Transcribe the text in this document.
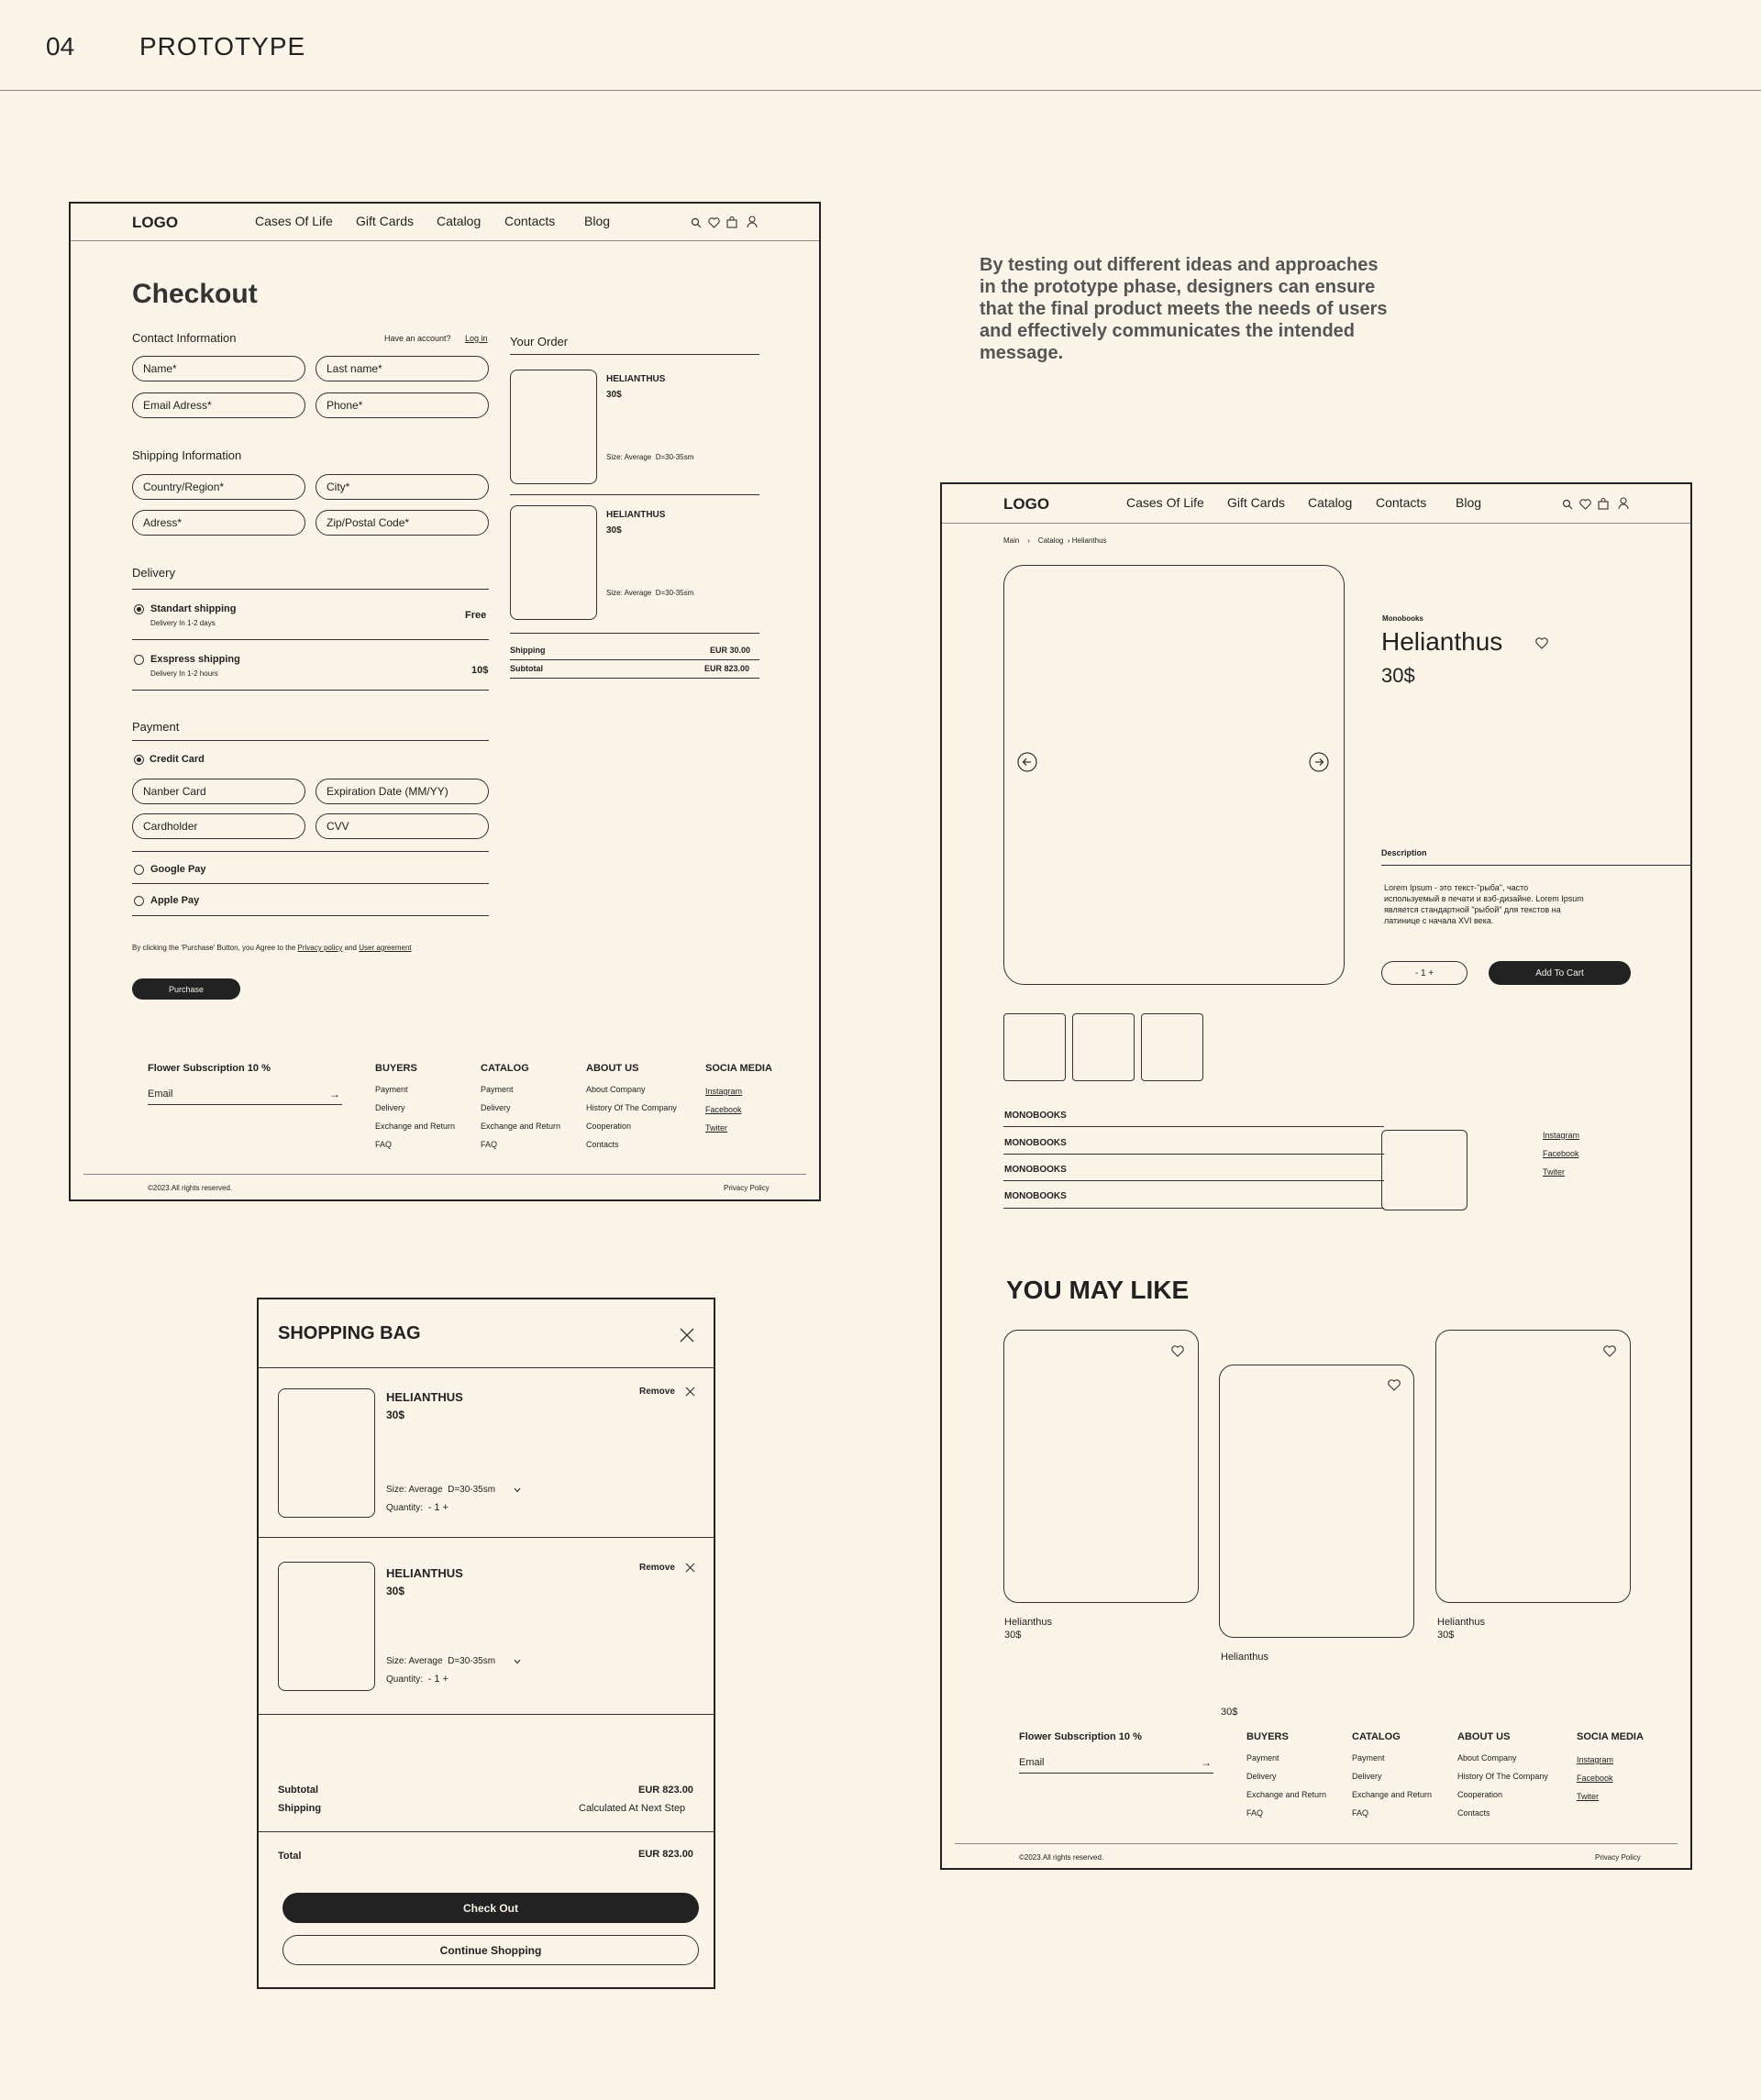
04	PROTOTYPE
By testing out different ideas and approaches
in the prototype phase, designers can ensure
that the final product meets the needs of users
and effectively communicates the intended
message.
LOGO	Cases Of Life Gift Cards Catalog Contacts Blog
Checkout
Contact Information	Have an account? Log in
Name*	Last name*
Email Adress*	Phone*
Shipping Information
Country/Region*	City*
Adress*	Zip/Postal Code*
Delivery
Standart shipping
Delivery In 1-2 days
Free
Exspress shipping
Delivery In 1-2 hours	10$
Payment
Credit Card
Nanber Card	Expiration Date (MM/YY)
Cardholder	CVV
Google Pay
Apple Pay
By clicking the 'Purchase' Button, you Agree to the Privacy policy and User agreement
Purchase
Your Order
HELIANTHUS
30$
Size: Average D=30-35sm
HELIANTHUS
30$
Size: Average D=30-35sm
Shipping	EUR 30.00
Subtotal	EUR 823.00
Flower Subscription 10 %
Email	→
BUYERS
Payment
Delivery
Exchange and Return
FAQ
CATALOG
Payment
Delivery
Exchange and Return
FAQ
ABOUT US
About Company
History Of The Company
Cooperation
Contacts
SOCIA MEDIA
Instagram
Facebook
Twiter
©2023.All rights reserved.	Privacy Policy
LOGO	Cases Of Life Gift Cards Catalog Contacts Blog
Main › Catalog › Helianthus
Monobooks
Helianthus
30$
Description
Lorem Ipsum - это текст-"рыба", часто
используемый в печати и вэб-дизайне. Lorem Ipsum
является стандартной "рыбой" для текстов на
латинице с начала XVI века.
- 1 +	Add To Cart
MONOBOOKS
MONOBOOKS
MONOBOOKS
MONOBOOKS
Instagram
Facebook
Twiter
YOU MAY LIKE
Helianthus
30$
Helianthus
30$
Helianthus
30$
Flower Subscription 10 %
Email	→
BUYERS
Payment
Delivery
Exchange and Return
FAQ
CATALOG
Payment
Delivery
Exchange and Return
FAQ
ABOUT US
About Company
History Of The Company
Cooperation
Contacts
SOCIA MEDIA
Instagram
Facebook
Twiter
©2023.All rights reserved.	Privacy Policy
SHOPPING BAG
HELIANTHUS
30$
Remove
Size: Average D=30-35sm
Quantity: - 1 +
HELIANTHUS
30$
Remove
Size: Average D=30-35sm
Quantity: - 1 +
Subtotal	EUR 823.00
Shipping	Calculated At Next Step
Total	EUR 823.00
Check Out
Continue Shopping
